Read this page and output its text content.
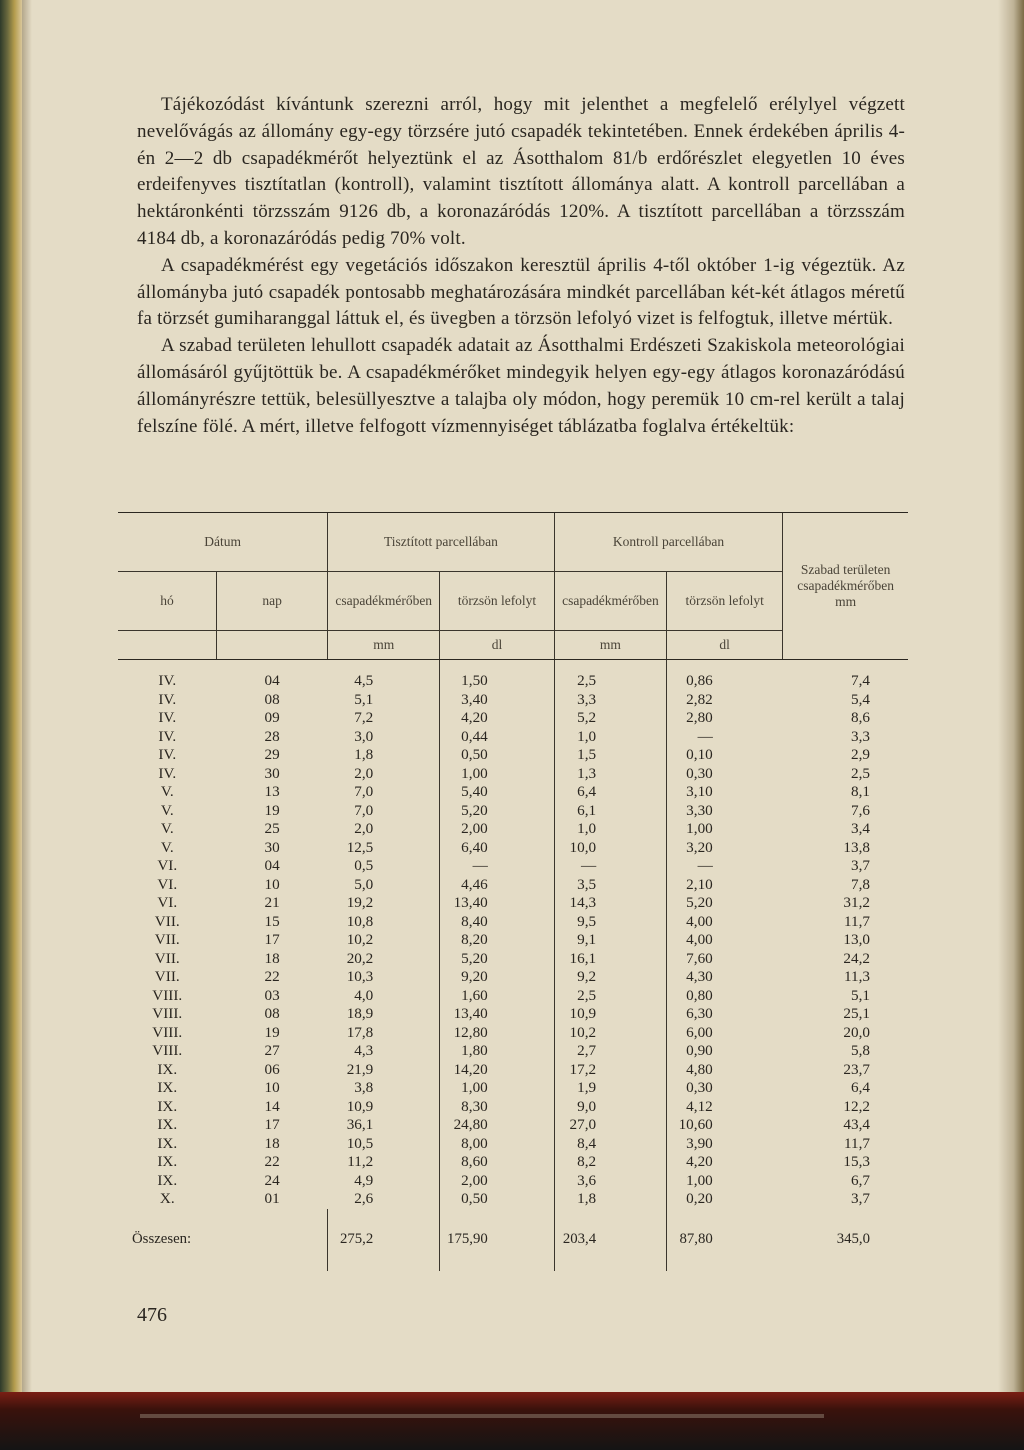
Tájékozódást kívántunk szerezni arról, hogy mit jelenthet a megfelelő erélylyel végzett nevelővágás az állomány egy-egy törzsére jutó csapadék tekintetében. Ennek érdekében április 4-én 2—2 db csapadékmérőt helyeztünk el az Ásotthalom 81/b erdőrészlet elegyetlen 10 éves erdeifenyves tisztítatlan (kontroll), valamint tisztított állománya alatt. A kontroll parcellában a hektáronkénti törzsszám 9126 db, a koronazáródás 120%. A tisztított parcellában a törzsszám 4184 db, a koronazáródás pedig 70% volt.

A csapadékmérést egy vegetációs időszakon keresztül április 4-től október 1-ig végeztük. Az állományba jutó csapadék pontosabb meghatározására mindkét parcellában két-két átlagos méretű fa törzsét gumiharanggal láttuk el, és üvegben a törzsön lefolyó vizet is felfogtuk, illetve mértük.

A szabad területen lehullott csapadék adatait az Ásotthalmi Erdészeti Szakiskola meteorológiai állomásáról gyűjtöttük be. A csapadékmérőket mindegyik helyen egy-egy átlagos koronazáródású állományrészre tettük, belesüllyesztve a talajba oly módon, hogy peremük 10 cm-rel került a talaj felszíne fölé. A mért, illetve felfogott vízmennyiséget táblázatba foglalva értékeltük:

Dátum		Tisztított parcellában		Kontroll parcellában		Szabad területen csapadékmérőben mm
hó	nap	csapadékmérőben	törzsön lefolyt	csapadékmérőben	törzsön lefolyt	
		mm	dl	mm	dl	
IV.	04	4,5	1,50	2,5	0,86	7,4
IV.	08	5,1	3,40	3,3	2,82	5,4
IV.	09	7,2	4,20	5,2	2,80	8,6
IV.	28	3,0	0,44	1,0	—	3,3
IV.	29	1,8	0,50	1,5	0,10	2,9
IV.	30	2,0	1,00	1,3	0,30	2,5
V.	13	7,0	5,40	6,4	3,10	8,1
V.	19	7,0	5,20	6,1	3,30	7,6
V.	25	2,0	2,00	1,0	1,00	3,4
V.	30	12,5	6,40	10,0	3,20	13,8
VI.	04	0,5	—	—	—	3,7
VI.	10	5,0	4,46	3,5	2,10	7,8
VI.	21	19,2	13,40	14,3	5,20	31,2
VII.	15	10,8	8,40	9,5	4,00	11,7
VII.	17	10,2	8,20	9,1	4,00	13,0
VII.	18	20,2	5,20	16,1	7,60	24,2
VII.	22	10,3	9,20	9,2	4,30	11,3
VIII.	03	4,0	1,60	2,5	0,80	5,1
VIII.	08	18,9	13,40	10,9	6,30	25,1
VIII.	19	17,8	12,80	10,2	6,00	20,0
VIII.	27	4,3	1,80	2,7	0,90	5,8
IX.	06	21,9	14,20	17,2	4,80	23,7
IX.	10	3,8	1,00	1,9	0,30	6,4
IX.	14	10,9	8,30	9,0	4,12	12,2
IX.	17	36,1	24,80	27,0	10,60	43,4
IX.	18	10,5	8,00	8,4	3,90	11,7
IX.	22	11,2	8,60	8,2	4,20	15,3
IX.	24	4,9	2,00	3,6	1,00	6,7
X.	01	2,6	0,50	1,8	0,20	3,7
Összesen:		275,2	175,90	203,4	87,80	345,0
476
